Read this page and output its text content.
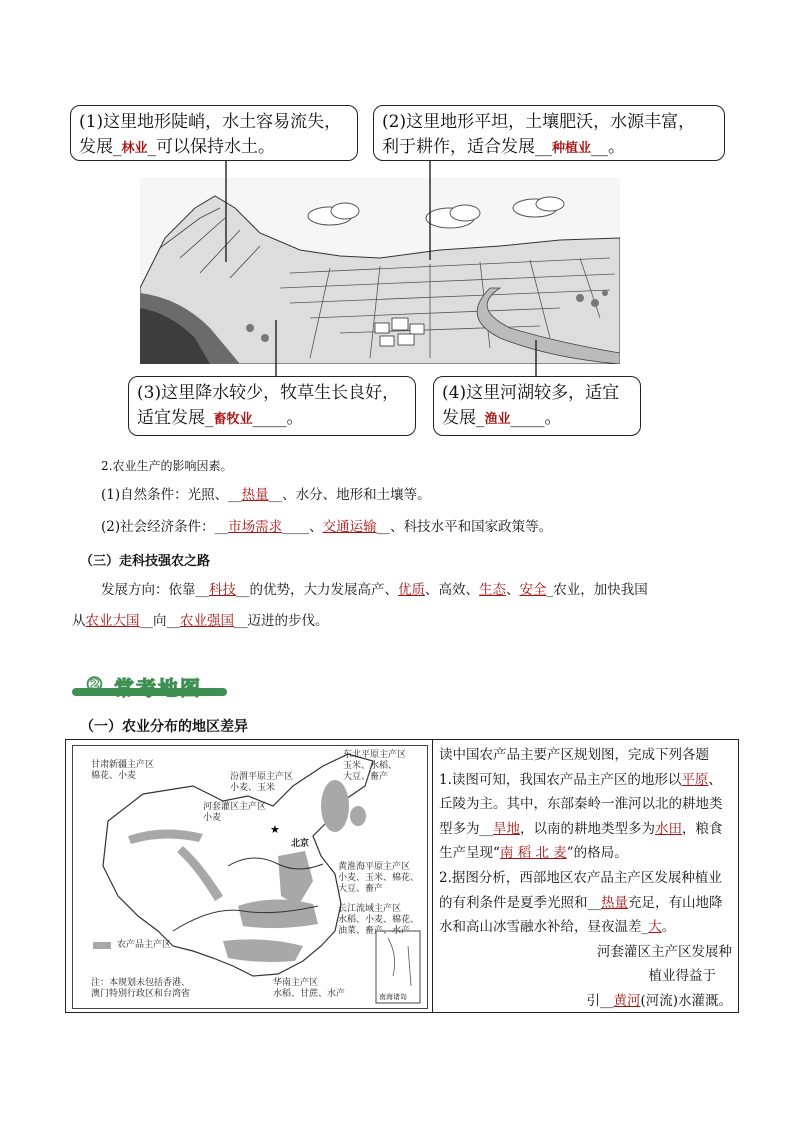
(1)这里地形陡峭，水土容易流失，
发展_林业_可以保持水土。
(2)这里地形平坦，土壤肥沃，水源丰富，
利于耕作，适合发展__种植业__。
(3)这里降水较少，牧草生长良好，
适宜发展_畜牧业____。
(4)这里河湖较多，适宜
发展_渔业____。
2.农业生产的影响因素。
(1)自然条件：光照、__热量__、水分、地形和土壤等。
(2)社会经济条件：__市场需求____、交通运输__、科技水平和国家政策等。
（三）走科技强农之路
发展方向：依靠__科技__的优势，大力发展高产、优质、高效、生态、安全_农业，加快我国
从农业大国__向__农业强国__迈进的步伐。
② 常考地图
（一）农业分布的地区差异
★
甘肃新疆主产区
棉花、小麦
东北平原主产区
玉米、水稻、
大豆、畜产
汾渭平原主产区
小麦、玉米
河套灌区主产区
小麦
北京
黄淮海平原主产区
小麦、玉米、棉花、
大豆、畜产
长江流域主产区
水稻、小麦、棉花、
油菜、畜产、水产
华南主产区
水稻、甘蔗、水产
农产品主产区
注：本规划未包括香港、
澳门特别行政区和台湾省	南海诸岛
读中国农产品主要产区规划图，完成下列各题
1.读图可知，我国农产品主产区的地形以平原、丘陵为主。其中，东部秦岭一淮河以北的耕地类型多为__旱地，以南的耕地类型多为水田，粮食生产呈现“南 稻 北 麦”的格局。
2.据图分析，西部地区农产品主产区发展种植业的有利条件是夏季光照和__热量充足，有山地降水和高山冰雪融水补给，昼夜温差_大。
河套灌区主产区发展种
植业得益于
引__黄河(河流)水灌溉。
